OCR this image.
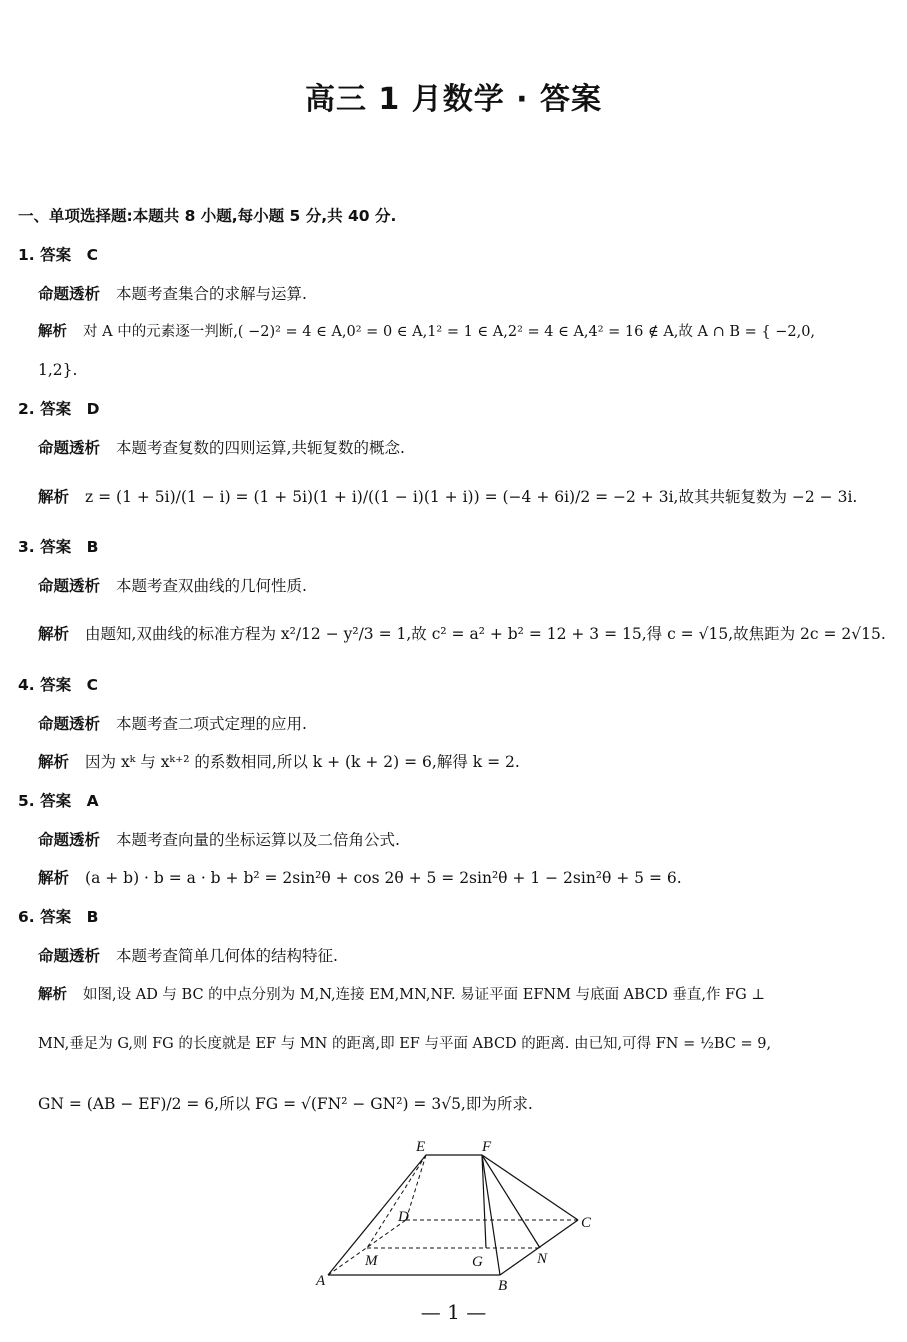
高三 1 月数学 · 答案
一、单项选择题:本题共 8 小题,每小题 5 分,共 40 分.
1. 答案　C
命题透析 本题考查集合的求解与运算.
解析 对 A 中的元素逐一判断,( −2)² = 4 ∈ A,0² = 0 ∈ A,1² = 1 ∈ A,2² = 4 ∈ A,4² = 16 ∉ A,故 A ∩ B = { −2,0,
1,2}.
2. 答案　D
命题透析 本题考查复数的四则运算,共轭复数的概念.
解析 z = (1 + 5i)/(1 − i) = (1 + 5i)(1 + i)/((1 − i)(1 + i)) = (−4 + 6i)/2 = −2 + 3i,故其共轭复数为 −2 − 3i.
3. 答案　B
命题透析 本题考查双曲线的几何性质.
解析 由题知,双曲线的标准方程为 x²/12 − y²/3 = 1,故 c² = a² + b² = 12 + 3 = 15,得 c = √15,故焦距为 2c = 2√15.
4. 答案　C
命题透析 本题考查二项式定理的应用.
解析 因为 xᵏ 与 xᵏ⁺² 的系数相同,所以 k + (k + 2) = 6,解得 k = 2.
5. 答案　A
命题透析 本题考查向量的坐标运算以及二倍角公式.
解析 (a + b) · b = a · b + b² = 2sin²θ + cos 2θ + 5 = 2sin²θ + 1 − 2sin²θ + 5 = 6.
6. 答案　B
命题透析 本题考查简单几何体的结构特征.
解析 如图,设 AD 与 BC 的中点分别为 M,N,连接 EM,MN,NF. 易证平面 EFNM 与底面 ABCD 垂直,作 FG ⊥
MN,垂足为 G,则 FG 的长度就是 EF 与 MN 的距离,即 EF 与平面 ABCD 的距离. 由已知,可得 FN = ½BC = 9,
GN = (AB − EF)/2 = 6,所以 FG = √(FN² − GN²) = 3√5,即为所求.
E	F
D	C
M	G	N
A	B
— 1 —
